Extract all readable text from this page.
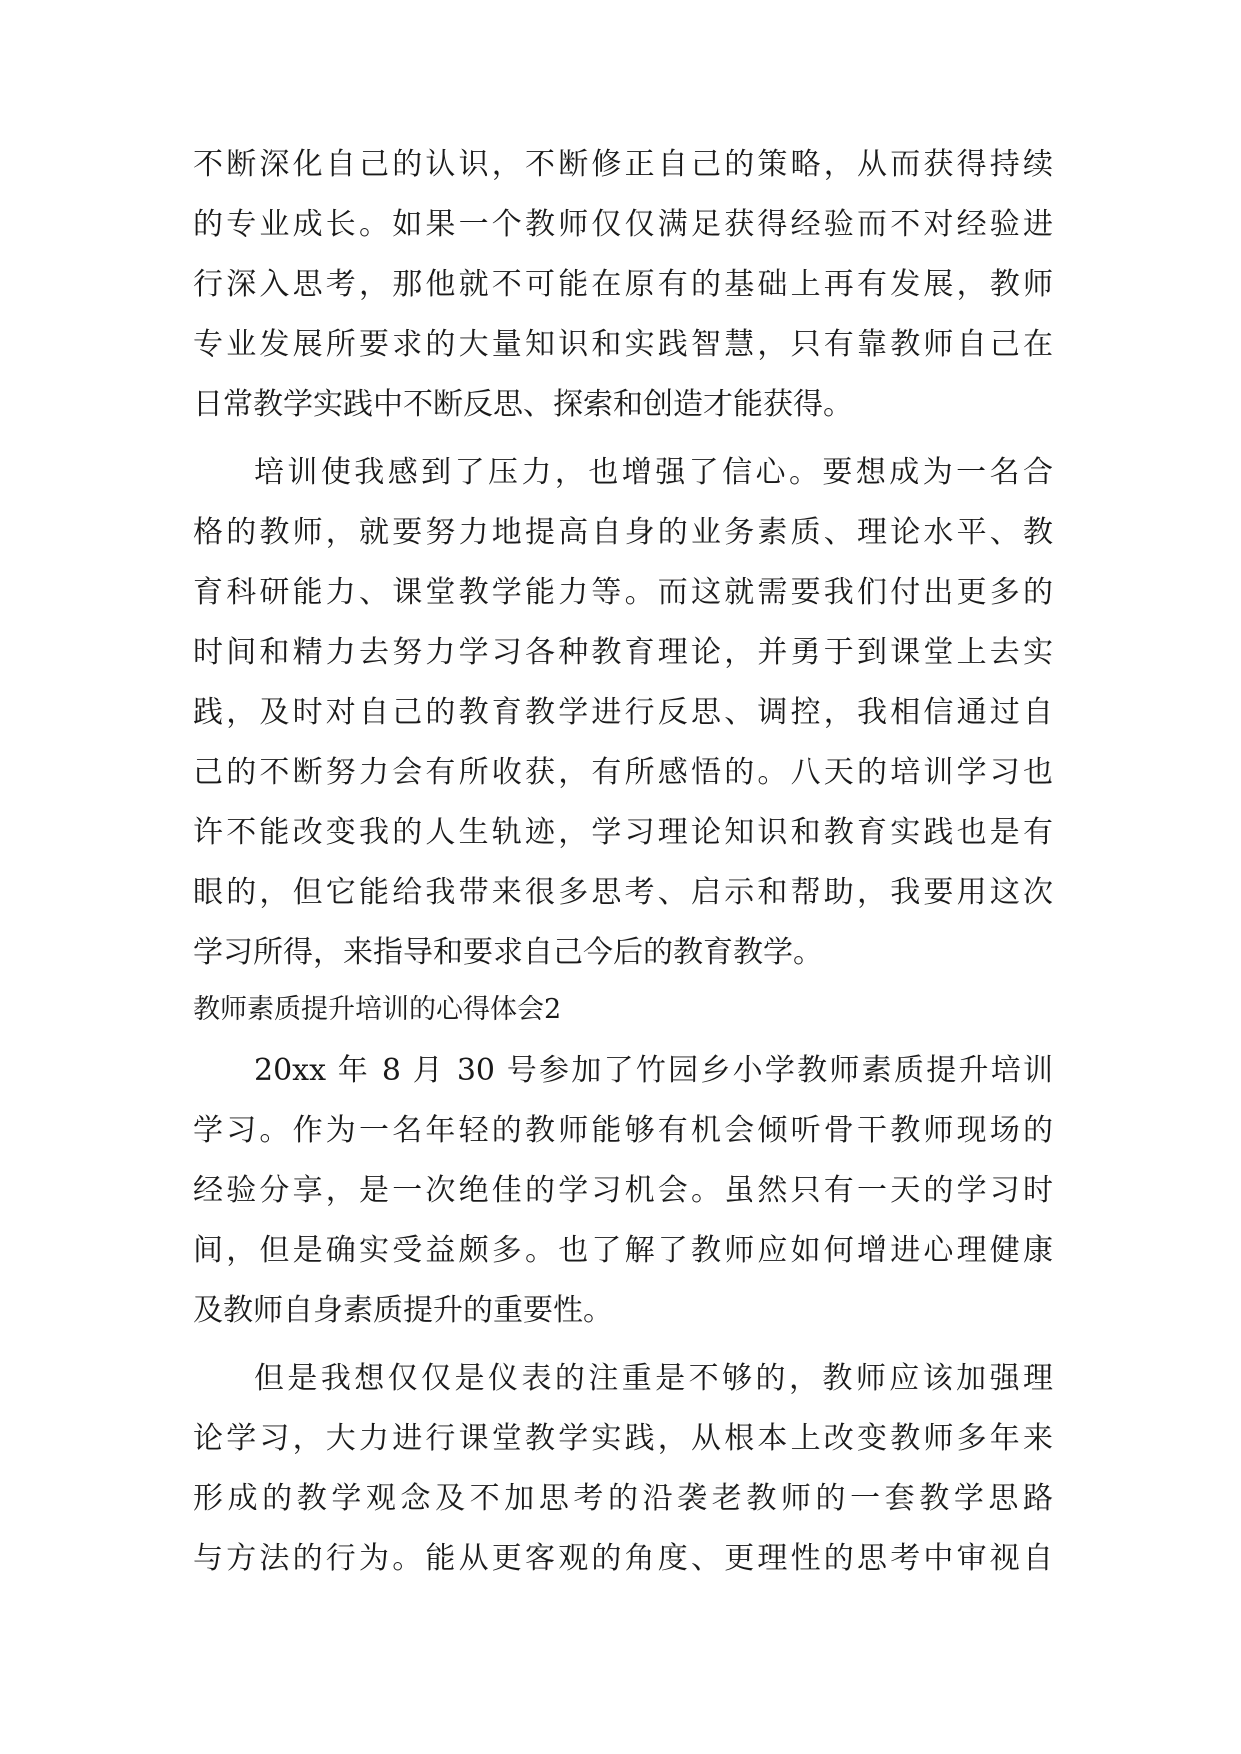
不断深化自己的认识，不断修正自己的策略，从而获得持续
的专业成长。如果一个教师仅仅满足获得经验而不对经验进
行深入思考，那他就不可能在原有的基础上再有发展，教师
专业发展所要求的大量知识和实践智慧，只有靠教师自己在
日常教学实践中不断反思、探索和创造才能获得。
培训使我感到了压力，也增强了信心。要想成为一名合
格的教师，就要努力地提高自身的业务素质、理论水平、教
育科研能力、课堂教学能力等。而这就需要我们付出更多的
时间和精力去努力学习各种教育理论，并勇于到课堂上去实
践，及时对自己的教育教学进行反思、调控，我相信通过自
己的不断努力会有所收获，有所感悟的。八天的培训学习也
许不能改变我的人生轨迹，学习理论知识和教育实践也是有
眼的，但它能给我带来很多思考、启示和帮助，我要用这次
学习所得，来指导和要求自己今后的教育教学。
教师素质提升培训的心得体会2
20xx 年 8 月 30 号参加了竹园乡小学教师素质提升培训
学习。作为一名年轻的教师能够有机会倾听骨干教师现场的
经验分享，是一次绝佳的学习机会。虽然只有一天的学习时
间，但是确实受益颇多。也了解了教师应如何增进心理健康
及教师自身素质提升的重要性。
但是我想仅仅是仪表的注重是不够的，教师应该加强理
论学习，大力进行课堂教学实践，从根本上改变教师多年来
形成的教学观念及不加思考的沿袭老教师的一套教学思路
与方法的行为。能从更客观的角度、更理性的思考中审视自
